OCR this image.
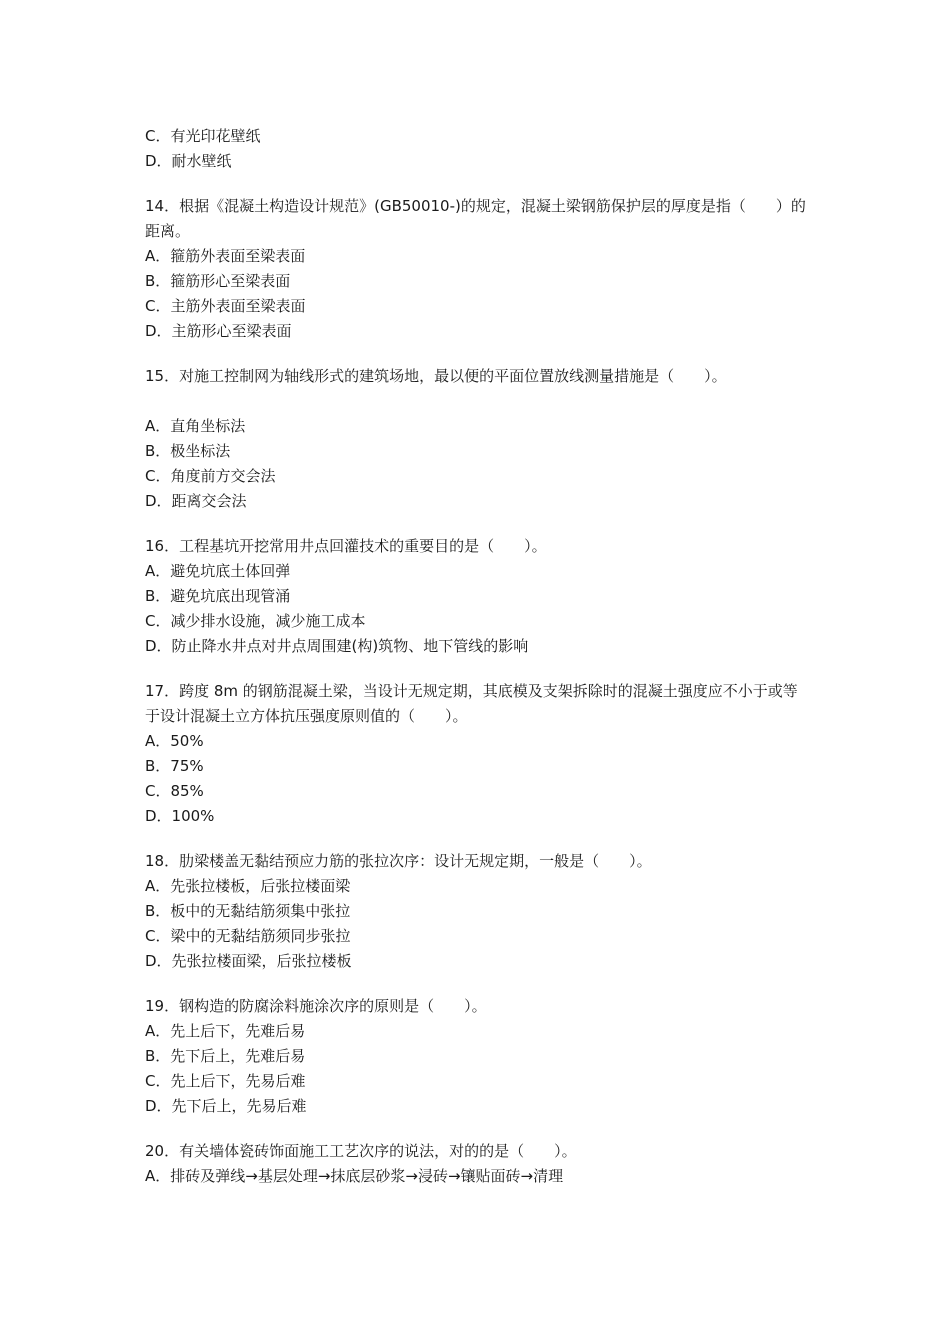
C．有光印花壁纸
D．耐水壁纸

14．根据《混凝土构造设计规范》(GB50010-)的规定，混凝土梁钢筋保护层的厚度是指（　　）的距离。

A．箍筋外表面至梁表面
B．箍筋形心至梁表面
C．主筋外表面至梁表面
D．主筋形心至梁表面

15．对施工控制网为轴线形式的建筑场地，最以便的平面位置放线测量措施是（　　）。

A．直角坐标法
B．极坐标法
C．角度前方交会法
D．距离交会法

16．工程基坑开挖常用井点回灌技术的重要目的是（　　）。

A．避免坑底土体回弹
B．避免坑底出现管涌
C．减少排水设施，减少施工成本
D．防止降水井点对井点周围建(构)筑物、地下管线的影响

17．跨度 8m 的钢筋混凝土梁，当设计无规定期，其底模及支架拆除时的混凝土强度应不小于或等于设计混凝土立方体抗压强度原则值的（　　）。

A．50%
B．75%
C．85%
D．100%

18．肋梁楼盖无黏结预应力筋的张拉次序：设计无规定期，一般是（　　）。

A．先张拉楼板，后张拉楼面梁
B．板中的无黏结筋须集中张拉
C．梁中的无黏结筋须同步张拉
D．先张拉楼面梁，后张拉楼板

19．钢构造的防腐涂料施涂次序的原则是（　　）。

A．先上后下，先难后易
B．先下后上，先难后易
C．先上后下，先易后难
D．先下后上，先易后难

20．有关墙体瓷砖饰面施工工艺次序的说法，对的的是（　　）。

A．排砖及弹线→基层处理→抹底层砂浆→浸砖→镶贴面砖→清理
